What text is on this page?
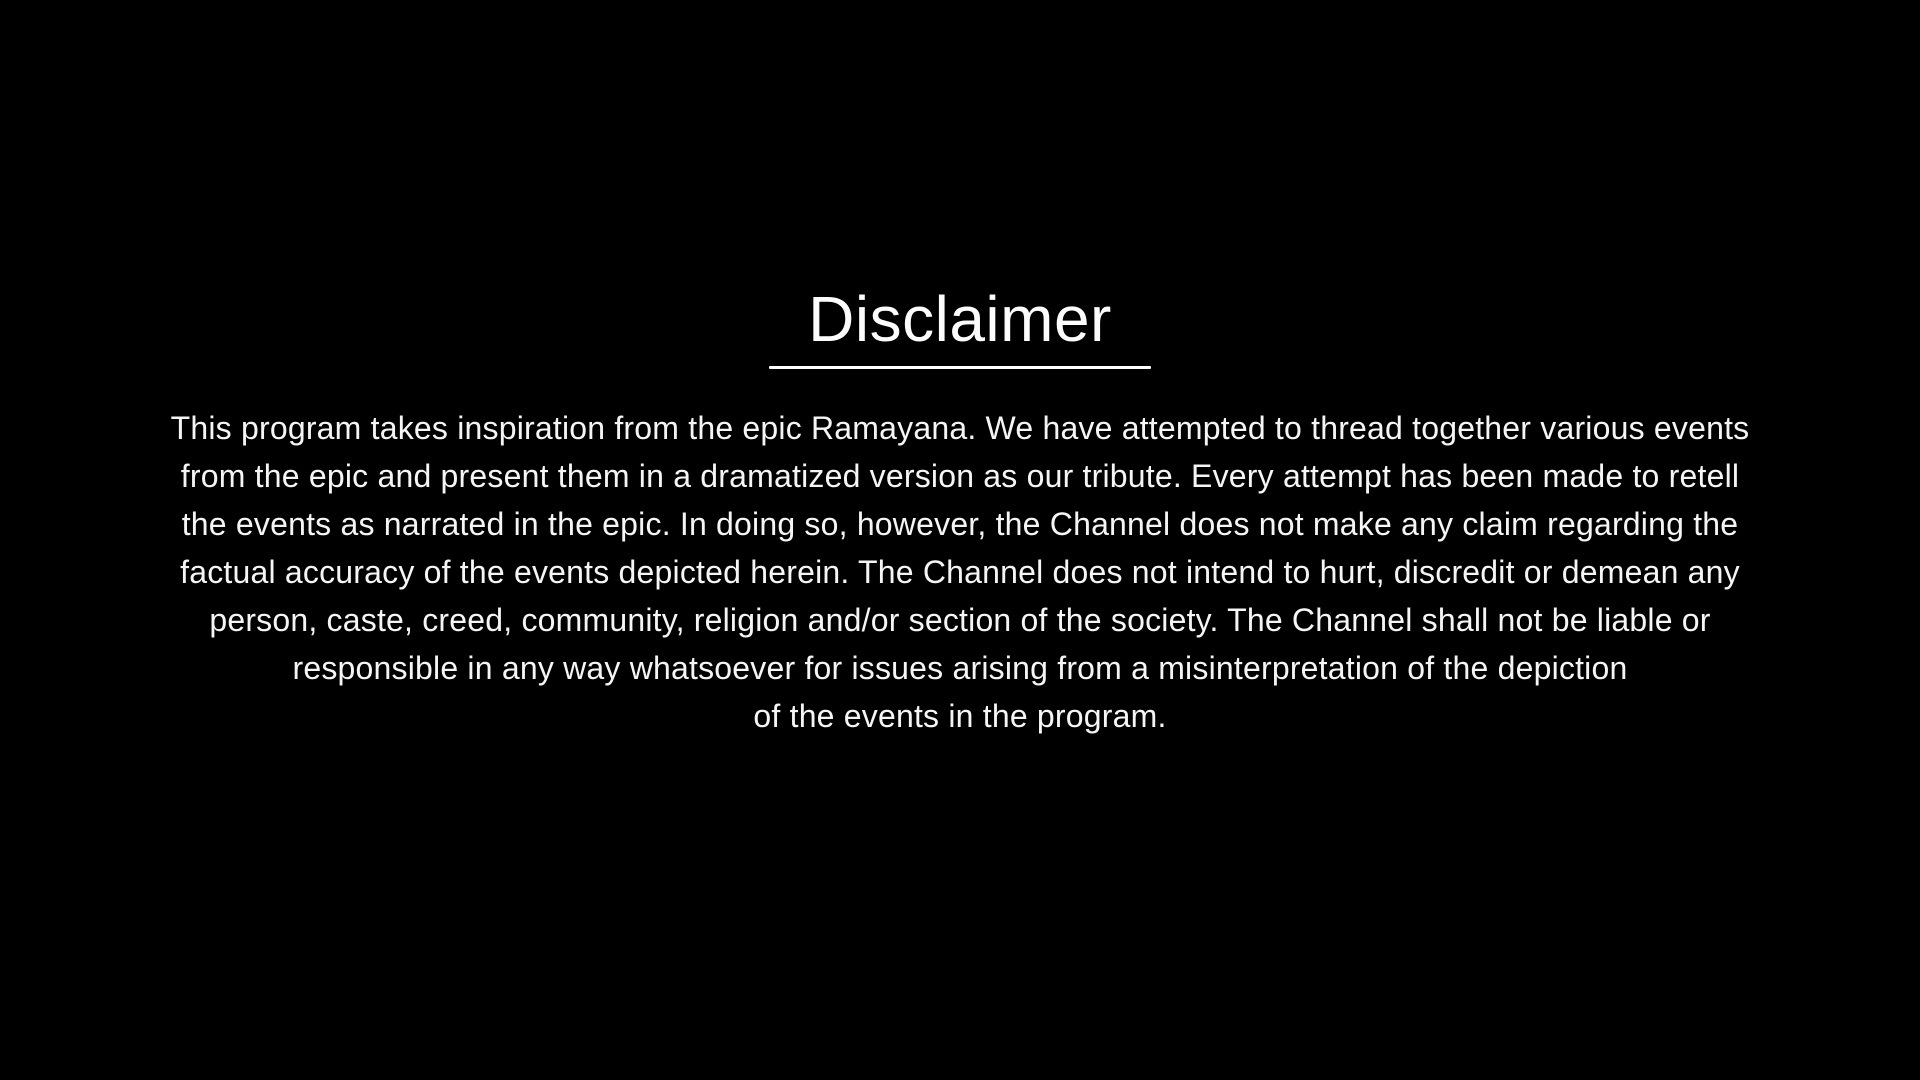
Disclaimer
This program takes inspiration from the epic Ramayana. We have attempted to thread together various events
from the epic and present them in a dramatized version as our tribute. Every attempt has been made to retell
the events as narrated in the epic. In doing so, however, the Channel does not make any claim regarding the
factual accuracy of the events depicted herein. The Channel does not intend to hurt, discredit or demean any
person, caste, creed, community, religion and/or section of the society. The Channel shall not be liable or
responsible in any way whatsoever for issues arising from a misinterpretation of the depiction
of the events in the program.
